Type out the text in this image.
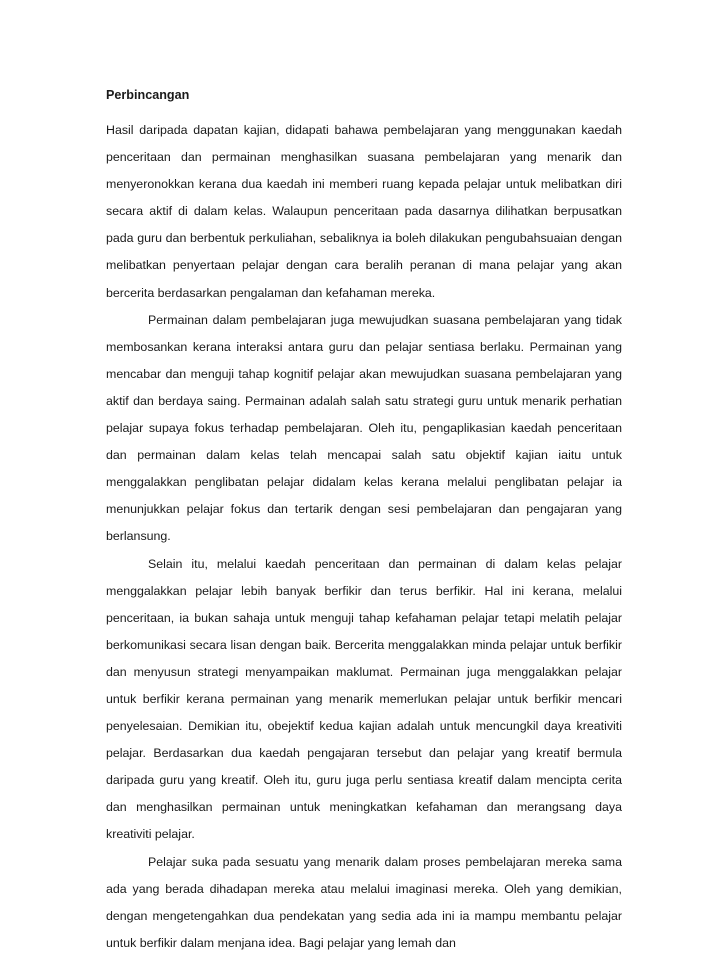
Perbincangan

Hasil daripada dapatan kajian, didapati bahawa pembelajaran yang menggunakan kaedah penceritaan dan permainan menghasilkan suasana pembelajaran yang menarik dan menyeronokkan kerana dua kaedah ini memberi ruang kepada pelajar untuk melibatkan diri secara aktif di dalam kelas. Walaupun penceritaan pada dasarnya dilihatkan berpusatkan pada guru dan berbentuk perkuliahan, sebaliknya ia boleh dilakukan pengubahsuaian dengan melibatkan penyertaan pelajar dengan cara beralih peranan di mana pelajar yang akan bercerita berdasarkan pengalaman dan kefahaman mereka.

Permainan dalam pembelajaran juga mewujudkan suasana pembelajaran yang tidak membosankan kerana interaksi antara guru dan pelajar sentiasa berlaku. Permainan yang mencabar dan menguji tahap kognitif pelajar akan mewujudkan suasana pembelajaran yang aktif dan berdaya saing. Permainan adalah salah satu strategi guru untuk menarik perhatian pelajar supaya fokus terhadap pembelajaran. Oleh itu, pengaplikasian kaedah penceritaan dan permainan dalam kelas telah mencapai salah satu objektif kajian iaitu untuk menggalakkan penglibatan pelajar didalam kelas kerana melalui penglibatan pelajar ia menunjukkan pelajar fokus dan tertarik dengan sesi pembelajaran dan pengajaran yang berlansung.

Selain itu, melalui kaedah penceritaan dan permainan di dalam kelas pelajar menggalakkan pelajar lebih banyak berfikir dan terus berfikir. Hal ini kerana, melalui penceritaan, ia bukan sahaja untuk menguji tahap kefahaman pelajar tetapi melatih pelajar berkomunikasi secara lisan dengan baik. Bercerita menggalakkan minda pelajar untuk berfikir dan menyusun strategi menyampaikan maklumat. Permainan juga menggalakkan pelajar untuk berfikir kerana permainan yang menarik memerlukan pelajar untuk berfikir mencari penyelesaian. Demikian itu, obejektif kedua kajian adalah untuk mencungkil daya kreativiti pelajar. Berdasarkan dua kaedah pengajaran tersebut dan pelajar yang kreatif bermula daripada guru yang kreatif. Oleh itu, guru juga perlu sentiasa kreatif dalam mencipta cerita dan menghasilkan permainan untuk meningkatkan kefahaman dan merangsang daya kreativiti pelajar.

Pelajar suka pada sesuatu yang menarik dalam proses pembelajaran mereka sama ada yang berada dihadapan mereka atau melalui imaginasi mereka. Oleh yang demikian, dengan mengetengahkan dua pendekatan yang sedia ada ini ia mampu membantu pelajar untuk berfikir dalam menjana idea. Bagi pelajar yang lemah dan
